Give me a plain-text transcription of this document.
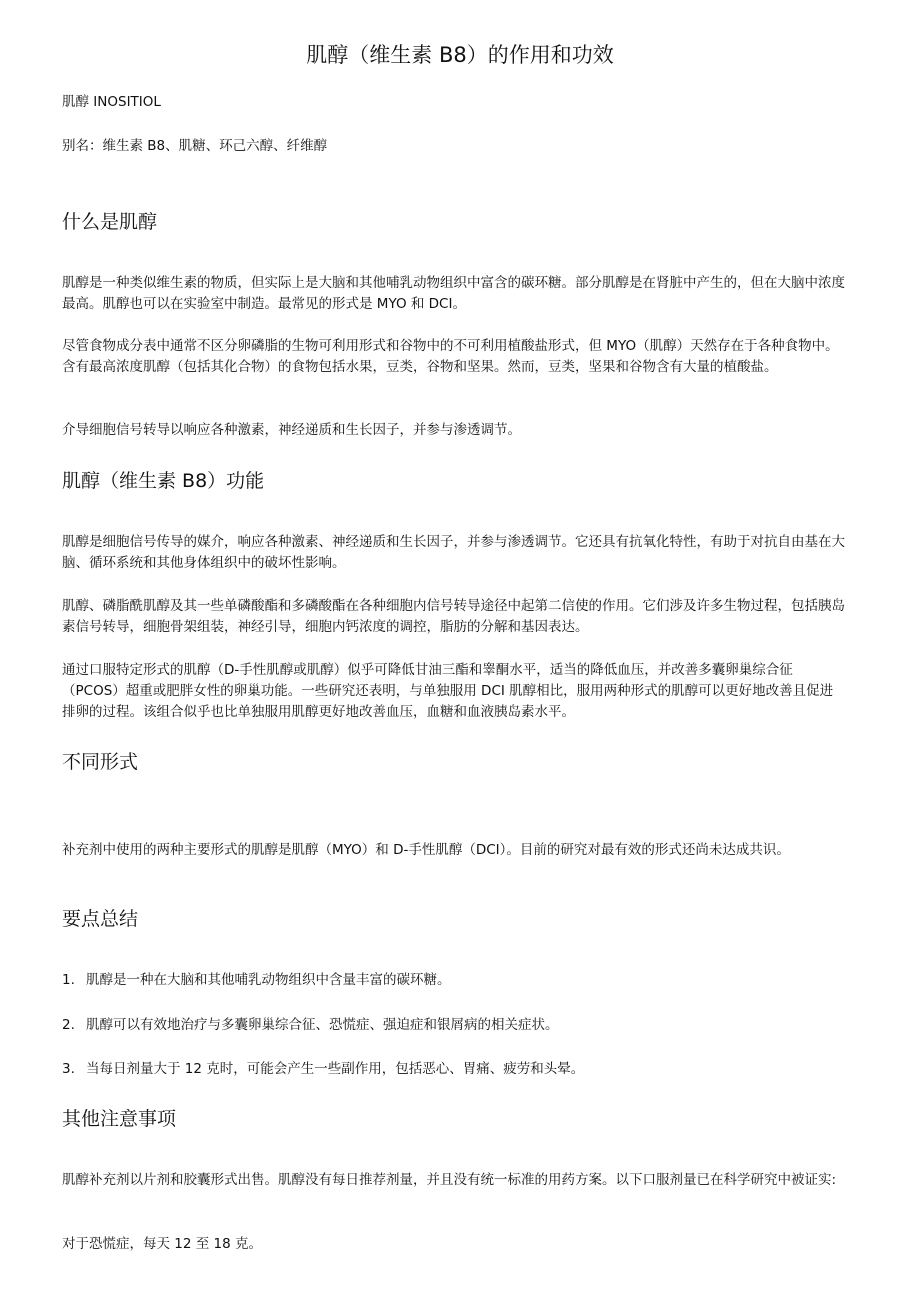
肌醇（维生素 B8）的作用和功效
肌醇 INOSITIOL
别名：维生素 B8、肌糖、环己六醇、纤维醇
什么是肌醇
肌醇是一种类似维生素的物质，但实际上是大脑和其他哺乳动物组织中富含的碳环糖。部分肌醇是在肾脏中产生的，但在大脑中浓度最高。肌醇也可以在实验室中制造。最常见的形式是 MYO 和 DCI。
尽管食物成分表中通常不区分卵磷脂的生物可利用形式和谷物中的不可利用植酸盐形式，但 MYO（肌醇）天然存在于各种食物中。含有最高浓度肌醇（包括其化合物）的食物包括水果，豆类，谷物和坚果。然而，豆类，坚果和谷物含有大量的植酸盐。
介导细胞信号转导以响应各种激素，神经递质和生长因子，并参与渗透调节。
肌醇（维生素 B8）功能
肌醇是细胞信号传导的媒介，响应各种激素、神经递质和生长因子，并参与渗透调节。它还具有抗氧化特性，有助于对抗自由基在大脑、循环系统和其他身体组织中的破坏性影响。
肌醇、磷脂酰肌醇及其一些单磷酸酯和多磷酸酯在各种细胞内信号转导途径中起第二信使的作用。它们涉及许多生物过程，包括胰岛素信号转导，细胞骨架组装，神经引导，细胞内钙浓度的调控，脂肪的分解和基因表达。
通过口服特定形式的肌醇（D-手性肌醇或肌醇）似乎可降低甘油三酯和睾酮水平，适当的降低血压，并改善多囊卵巢综合征（PCOS）超重或肥胖女性的卵巢功能。一些研究还表明，与单独服用 DCI 肌醇相比，服用两种形式的肌醇可以更好地改善且促进排卵的过程。该组合似乎也比单独服用肌醇更好地改善血压，血糖和血液胰岛素水平。
不同形式
补充剂中使用的两种主要形式的肌醇是肌醇（MYO）和 D-手性肌醇（DCI）。目前的研究对最有效的形式还尚未达成共识。
要点总结
1. 肌醇是一种在大脑和其他哺乳动物组织中含量丰富的碳环糖。
2. 肌醇可以有效地治疗与多囊卵巢综合征、恐慌症、强迫症和银屑病的相关症状。
3. 当每日剂量大于 12 克时，可能会产生一些副作用，包括恶心、胃痛、疲劳和头晕。
其他注意事项
肌醇补充剂以片剂和胶囊形式出售。肌醇没有每日推荐剂量，并且没有统一标准的用药方案。以下口服剂量已在科学研究中被证实:
对于恐慌症，每天 12 至 18 克。
